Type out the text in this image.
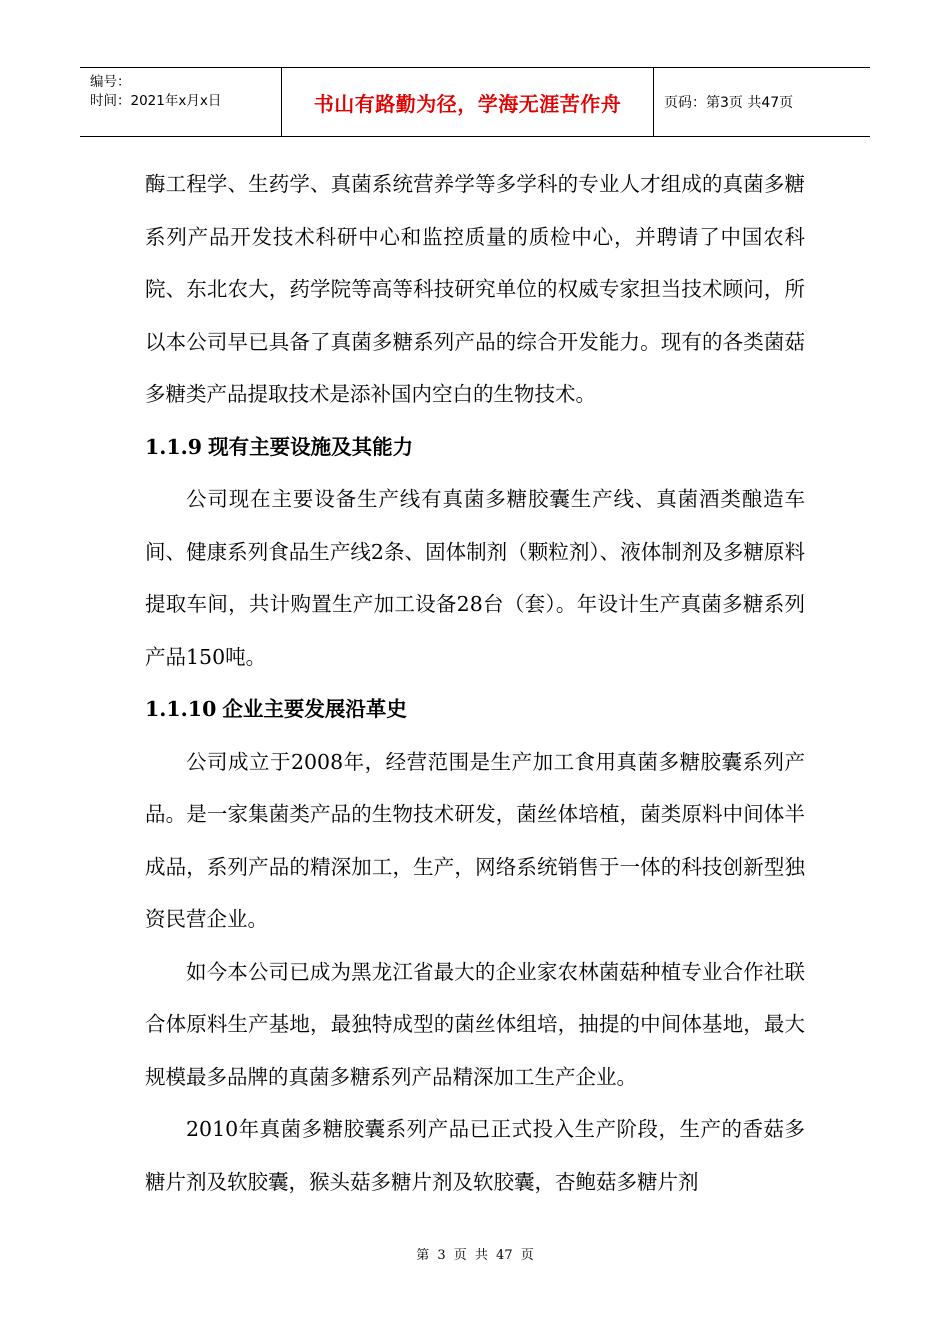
编号：
时间：2021年x月x日	书山有路勤为径，学海无涯苦作舟	页码：第3页 共47页

酶工程学、生药学、真菌系统营养学等多学科的专业人才组成的真菌多糖系列产品开发技术科研中心和监控质量的质检中心，并聘请了中国农科院、东北农大，药学院等高等科技研究单位的权威专家担当技术顾问，所以本公司早已具备了真菌多糖系列产品的综合开发能力。现有的各类菌菇多糖类产品提取技术是添补国内空白的生物技术。

1.1.9 现有主要设施及其能力

公司现在主要设备生产线有真菌多糖胶囊生产线、真菌酒类酿造车间、健康系列食品生产线2条、固体制剂（颗粒剂）、液体制剂及多糖原料提取车间，共计购置生产加工设备28台（套）。年设计生产真菌多糖系列产品150吨。

1.1.10 企业主要发展沿革史

公司成立于2008年，经营范围是生产加工食用真菌多糖胶囊系列产品。是一家集菌类产品的生物技术研发，菌丝体培植，菌类原料中间体半成品，系列产品的精深加工，生产，网络系统销售于一体的科技创新型独资民营企业。

如今本公司已成为黑龙江省最大的企业家农林菌菇种植专业合作社联合体原料生产基地，最独特成型的菌丝体组培，抽提的中间体基地，最大规模最多品牌的真菌多糖系列产品精深加工生产企业。

2010年真菌多糖胶囊系列产品已正式投入生产阶段，生产的香菇多糖片剂及软胶囊，猴头菇多糖片剂及软胶囊，杏鲍菇多糖片剂

第 3 页 共 47 页
